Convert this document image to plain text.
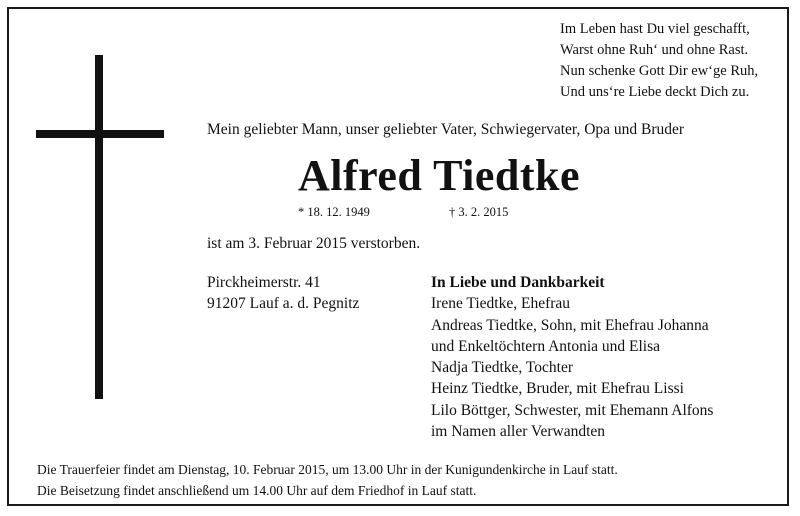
Im Leben hast Du viel geschafft,
Warst ohne Ruh‘ und ohne Rast.
Nun schenke Gott Dir ew‘ge Ruh,
Und uns‘re Liebe deckt Dich zu.
Mein geliebter Mann, unser geliebter Vater, Schwiegervater, Opa und Bruder
Alfred Tiedtke
* 18. 12. 1949	† 3. 2. 2015
ist am 3. Februar 2015 verstorben.
Pirckheimerstr. 41
91207 Lauf a. d. Pegnitz
In Liebe und Dankbarkeit
Irene Tiedtke, Ehefrau
Andreas Tiedtke, Sohn, mit Ehefrau Johanna
und Enkeltöchtern Antonia und Elisa
Nadja Tiedtke, Tochter
Heinz Tiedtke, Bruder, mit Ehefrau Lissi
Lilo Böttger, Schwester, mit Ehemann Alfons
im Namen aller Verwandten
Die Trauerfeier findet am Dienstag, 10. Februar 2015, um 13.00 Uhr in der Kunigundenkirche in Lauf statt.
Die Beisetzung findet anschließend um 14.00 Uhr auf dem Friedhof in Lauf statt.
